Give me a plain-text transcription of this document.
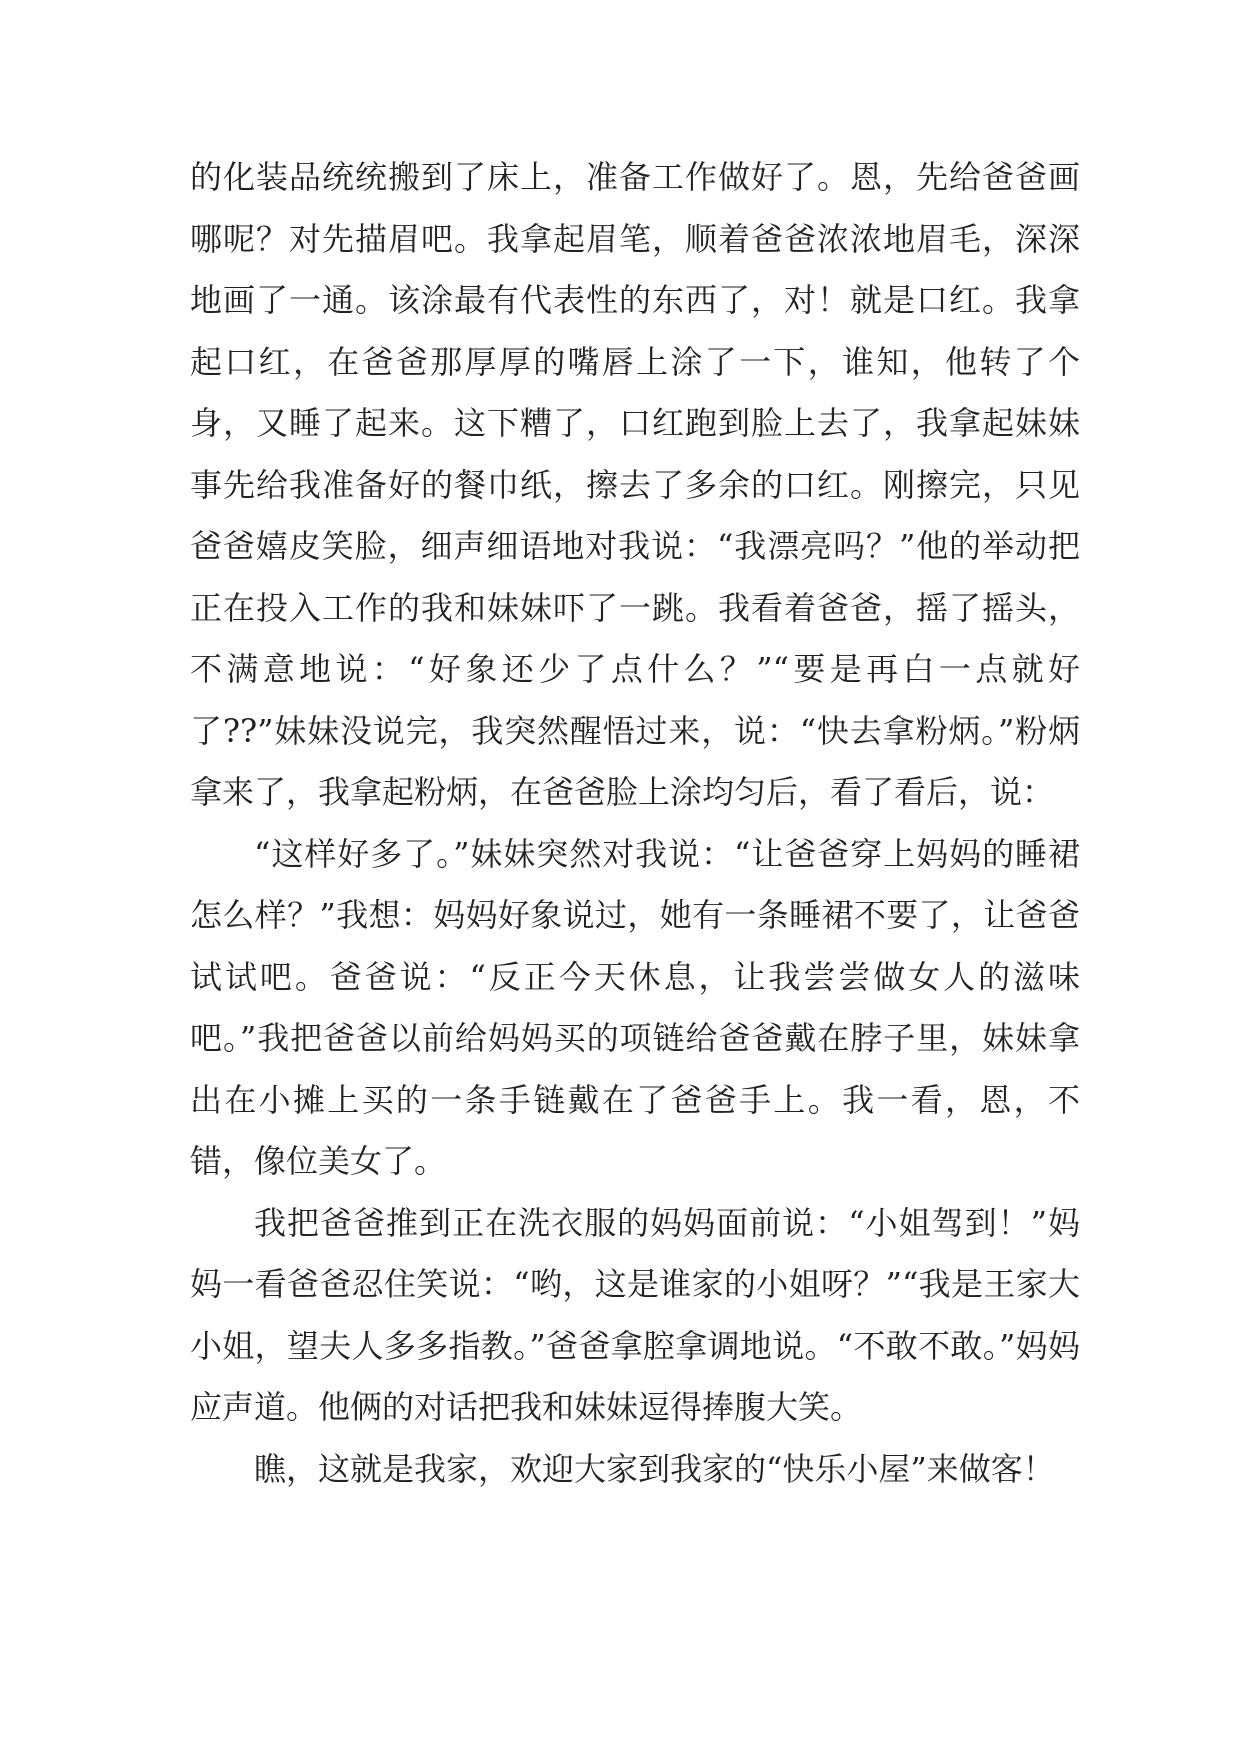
的化装品统统搬到了床上，准备工作做好了。恩，先给爸爸画哪呢？对先描眉吧。我拿起眉笔，顺着爸爸浓浓地眉毛，深深地画了一通。该涂最有代表性的东西了，对！就是口红。我拿起口红，在爸爸那厚厚的嘴唇上涂了一下，谁知，他转了个身，又睡了起来。这下糟了，口红跑到脸上去了，我拿起妹妹事先给我准备好的餐巾纸，擦去了多余的口红。刚擦完，只见爸爸嬉皮笑脸，细声细语地对我说：“我漂亮吗？”他的举动把正在投入工作的我和妹妹吓了一跳。我看着爸爸，摇了摇头，不满意地说：“好象还少了点什么？”“要是再白一点就好了??”妹妹没说完，我突然醒悟过来，说：“快去拿粉炳。”粉炳拿来了，我拿起粉炳，在爸爸脸上涂均匀后，看了看后，说：

“这样好多了。”妹妹突然对我说：“让爸爸穿上妈妈的睡裙怎么样？”我想：妈妈好象说过，她有一条睡裙不要了，让爸爸试试吧。爸爸说：“反正今天休息，让我尝尝做女人的滋味吧。”我把爸爸以前给妈妈买的项链给爸爸戴在脖子里，妹妹拿出在小摊上买的一条手链戴在了爸爸手上。我一看，恩，不错，像位美女了。

我把爸爸推到正在洗衣服的妈妈面前说：“小姐驾到！”妈妈一看爸爸忍住笑说：“哟，这是谁家的小姐呀？”“我是王家大小姐，望夫人多多指教。”爸爸拿腔拿调地说。“不敢不敢。”妈妈应声道。他俩的对话把我和妹妹逗得捧腹大笑。

瞧，这就是我家，欢迎大家到我家的“快乐小屋”来做客！
